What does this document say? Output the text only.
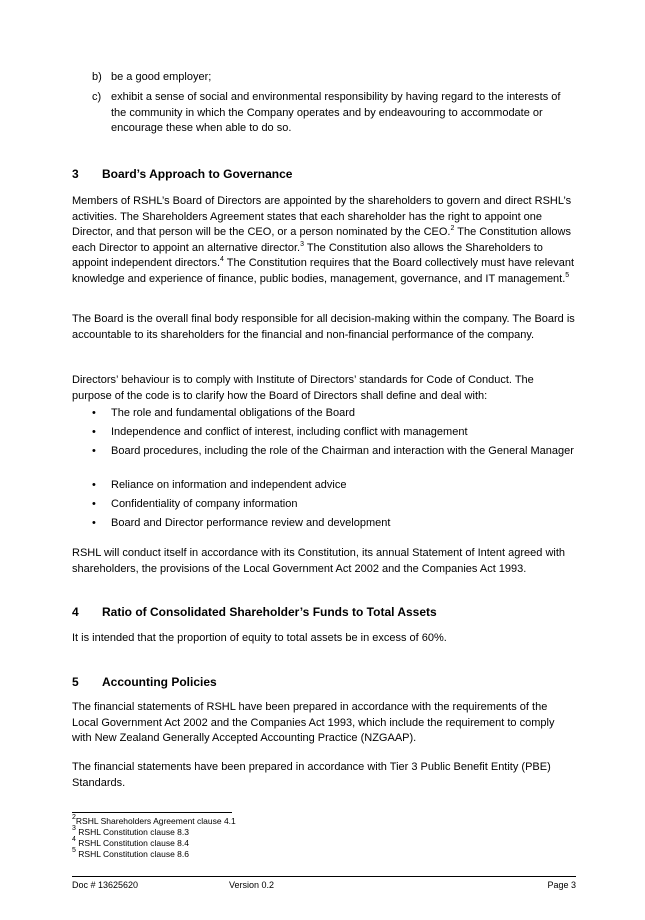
b) be a good employer;
c) exhibit a sense of social and environmental responsibility by having regard to the interests of the community in which the Company operates and by endeavouring to accommodate or encourage these when able to do so.
3 Board’s Approach to Governance

Members of RSHL’s Board of Directors are appointed by the shareholders to govern and direct RSHL’s activities. The Shareholders Agreement states that each shareholder has the right to appoint one Director, and that person will be the CEO, or a person nominated by the CEO.$^2$ The Constitution allows each Director to appoint an alternative director.$^3$ The Constitution also allows the Shareholders to appoint independent directors.$^4$ The Constitution requires that the Board collectively must have relevant knowledge and experience of finance, public bodies, management, governance, and IT management.$^5$

The Board is the overall final body responsible for all decision-making within the company. The Board is accountable to its shareholders for the financial and non-financial performance of the company.

Directors’ behaviour is to comply with Institute of Directors’ standards for Code of Conduct. The purpose of the code is to clarify how the Board of Directors shall define and deal with:

• The role and fundamental obligations of the Board
• Independence and conflict of interest, including conflict with management
• Board procedures, including the role of the Chairman and interaction with the General Manager
• Reliance on information and independent advice
• Confidentiality of company information
• Board and Director performance review and development

RSHL will conduct itself in accordance with its Constitution, its annual Statement of Intent agreed with shareholders, the provisions of the Local Government Act 2002 and the Companies Act 1993.

4 Ratio of Consolidated Shareholder’s Funds to Total Assets

It is intended that the proportion of equity to total assets be in excess of 60%.

5 Accounting Policies

The financial statements of RSHL have been prepared in accordance with the requirements of the Local Government Act 2002 and the Companies Act 1993, which include the requirement to comply with New Zealand Generally Accepted Accounting Practice (NZGAAP).

The financial statements have been prepared in accordance with Tier 3 Public Benefit Entity (PBE) Standards.

$^2$RSHL Shareholders Agreement clause 4.1
$^3$ RSHL Constitution clause 8.3
$^4$ RSHL Constitution clause 8.4
$^5$ RSHL Constitution clause 8.6
Doc # 13625620	Version 0.2	Page 3
